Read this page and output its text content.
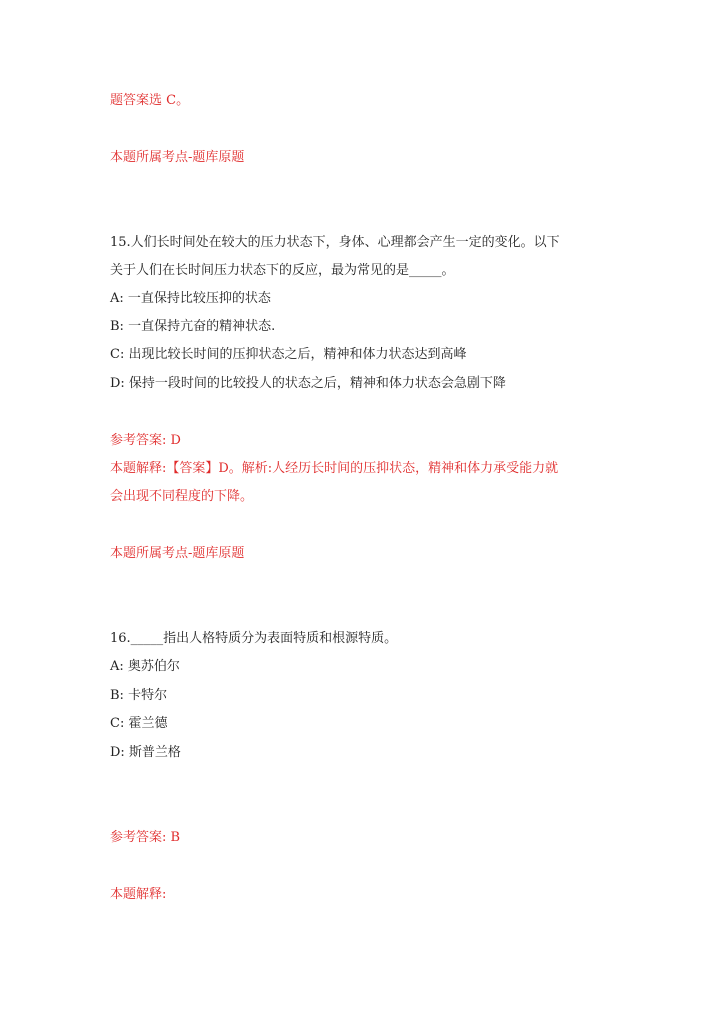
题答案选 C。
本题所属考点-题库原题
15.人们长时间处在较大的压力状态下，身体、心理都会产生一定的变化。以下
关于人们在长时间压力状态下的反应，最为常见的是_____。
A: 一直保持比较压抑的状态
B: 一直保持亢奋的精神状态.
C: 出现比较长时间的压抑状态之后，精神和体力状态达到高峰
D: 保持一段时间的比较投人的状态之后，精神和体力状态会急剧下降
参考答案: D
本题解释:【答案】D。解析:人经历长时间的压抑状态，精神和体力承受能力就
会出现不同程度的下降。
本题所属考点-题库原题
16._____指出人格特质分为表面特质和根源特质。
A: 奥苏伯尔
B: 卡特尔
C: 霍兰德
D: 斯普兰格
参考答案: B
本题解释:
